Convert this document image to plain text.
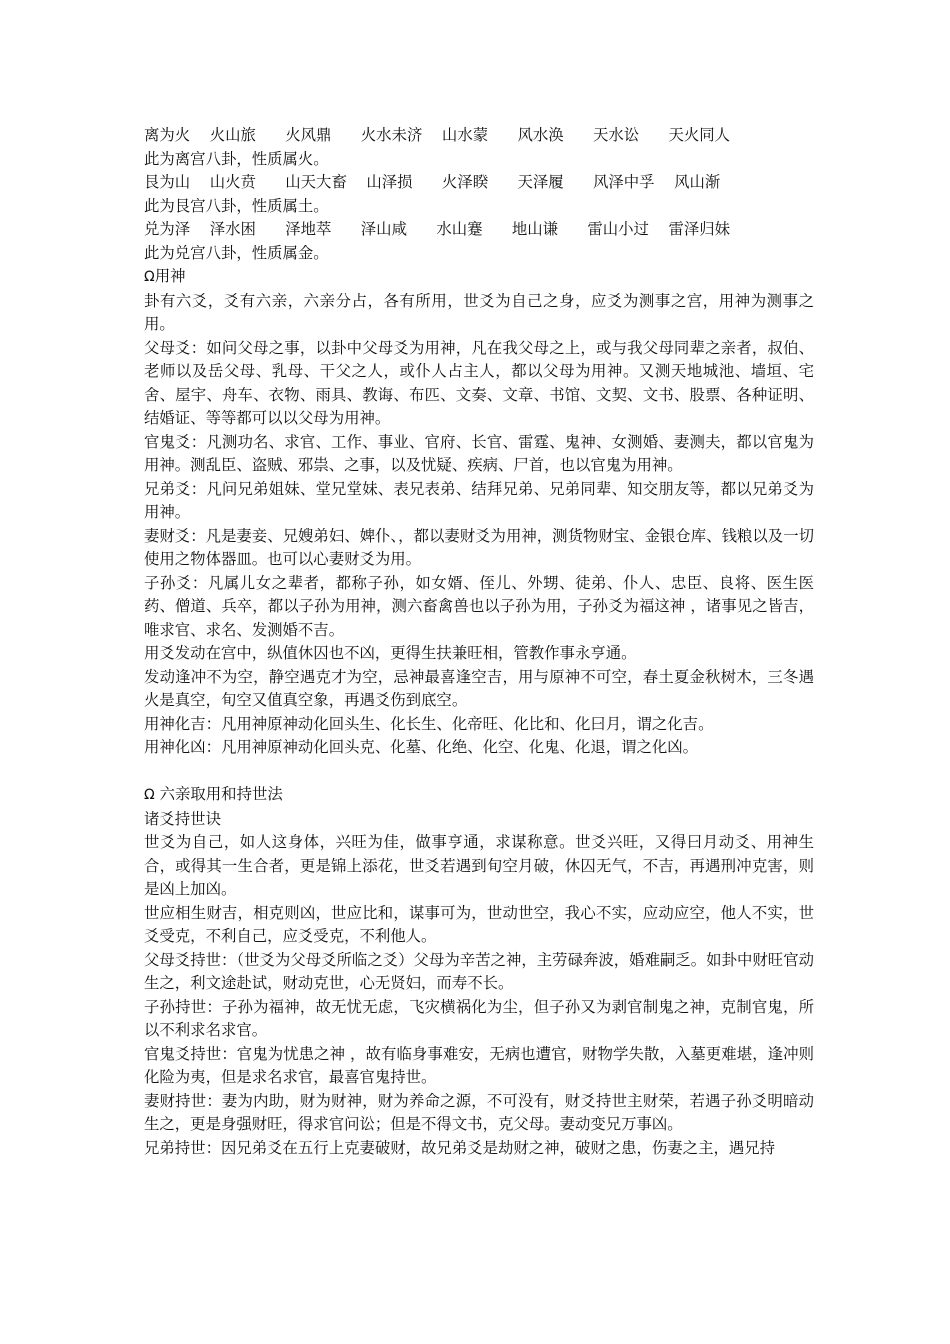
离为火    火山旅      火风鼎      火水未济    山水蒙      风水涣      天水讼      天火同人
此为离宫八卦，性质属火。
艮为山    山火贲      山天大畜    山泽损      火泽睽      天泽履      风泽中孚    风山渐
此为艮宫八卦，性质属土。
兑为泽    泽水困      泽地萃      泽山咸      水山蹇      地山谦      雷山小过    雷泽归妹
此为兑宫八卦，性质属金。
Ω用神

卦有六爻，爻有六亲，六亲分占，各有所用，世爻为自己之身，应爻为测事之宫，用神为测事之用。

父母爻：如问父母之事，以卦中父母爻为用神，凡在我父母之上，或与我父母同辈之亲者，叔伯、老师以及岳父母、乳母、干父之人，或仆人占主人，都以父母为用神。又测天地城池、墙垣、宅舍、屋宇、舟车、衣物、雨具、教诲、布匹、文奏、文章、书馆、文契、文书、股票、各种证明、结婚证、等等都可以以父母为用神。

官鬼爻：凡测功名、求官、工作、事业、官府、长官、雷霆、鬼神、女测婚、妻测夫，都以官鬼为用神。测乱臣、盗贼、邪祟、之事，以及忧疑、疾病、尸首，也以官鬼为用神。

兄弟爻：凡问兄弟姐妹、堂兄堂妹、表兄表弟、结拜兄弟、兄弟同辈、知交朋友等，都以兄弟爻为用神。

妻财爻：凡是妻妾、兄嫂弟妇、婢仆、，都以妻财爻为用神，测货物财宝、金银仓库、钱粮以及一切使用之物体器皿。也可以心妻财爻为用。

子孙爻：凡属儿女之辈者，都称子孙，如女婿、侄儿、外甥、徒弟、仆人、忠臣、良将、医生医药、僧道、兵卒，都以子孙为用神，测六畜禽兽也以子孙为用，子孙爻为福这神 ，诸事见之皆吉，唯求官、求名、发测婚不吉。

用爻发动在宫中，纵值休囚也不凶，更得生扶兼旺相，管教作事永亨通。

发动逢冲不为空，静空遇克才为空，忌神最喜逢空吉，用与原神不可空，春土夏金秋树木，三冬遇火是真空，旬空又值真空象，再遇爻伤到底空。

用神化吉：凡用神原神动化回头生、化长生、化帝旺、化比和、化曰月，谓之化吉。

用神化凶：凡用神原神动化回头克、化墓、化绝、化空、化鬼、化退，谓之化凶。

Ω 六亲取用和持世法
诸爻持世诀

世爻为自己，如人这身体，兴旺为佳，做事亨通，求谋称意。世爻兴旺，又得曰月动爻、用神生合，或得其一生合者，更是锦上添花，世爻若遇到旬空月破，休囚无气，不吉，再遇刑冲克害，则是凶上加凶。

世应相生财吉，相克则凶，世应比和，谋事可为，世动世空，我心不实，应动应空，他人不实，世爻受克，不利自己，应爻受克，不利他人。

父母爻持世：（世爻为父母爻所临之爻）父母为辛苦之神，主劳碌奔波，婚难嗣乏。如卦中财旺官动生之，利文途赴试，财动克世，心无贤妇，而寿不长。

子孙持世：子孙为福神，故无忧无虑，飞灾横祸化为尘，但子孙又为剥官制鬼之神，克制官鬼，所以不利求名求官。

官鬼爻持世：官鬼为忧患之神 ，故有临身事难安，无病也遭官，财物学失散，入墓更难堪，逢冲则化险为夷，但是求名求官，最喜官鬼持世。

妻财持世：妻为内助，财为财神，财为养命之源，不可没有，财爻持世主财荣，若遇子孙爻明暗动生之，更是身强财旺，得求官问讼；但是不得文书，克父母。妻动变兄万事凶。

兄弟持世：因兄弟爻在五行上克妻破财，故兄弟爻是劫财之神，破财之患，伤妻之主，遇兄持
